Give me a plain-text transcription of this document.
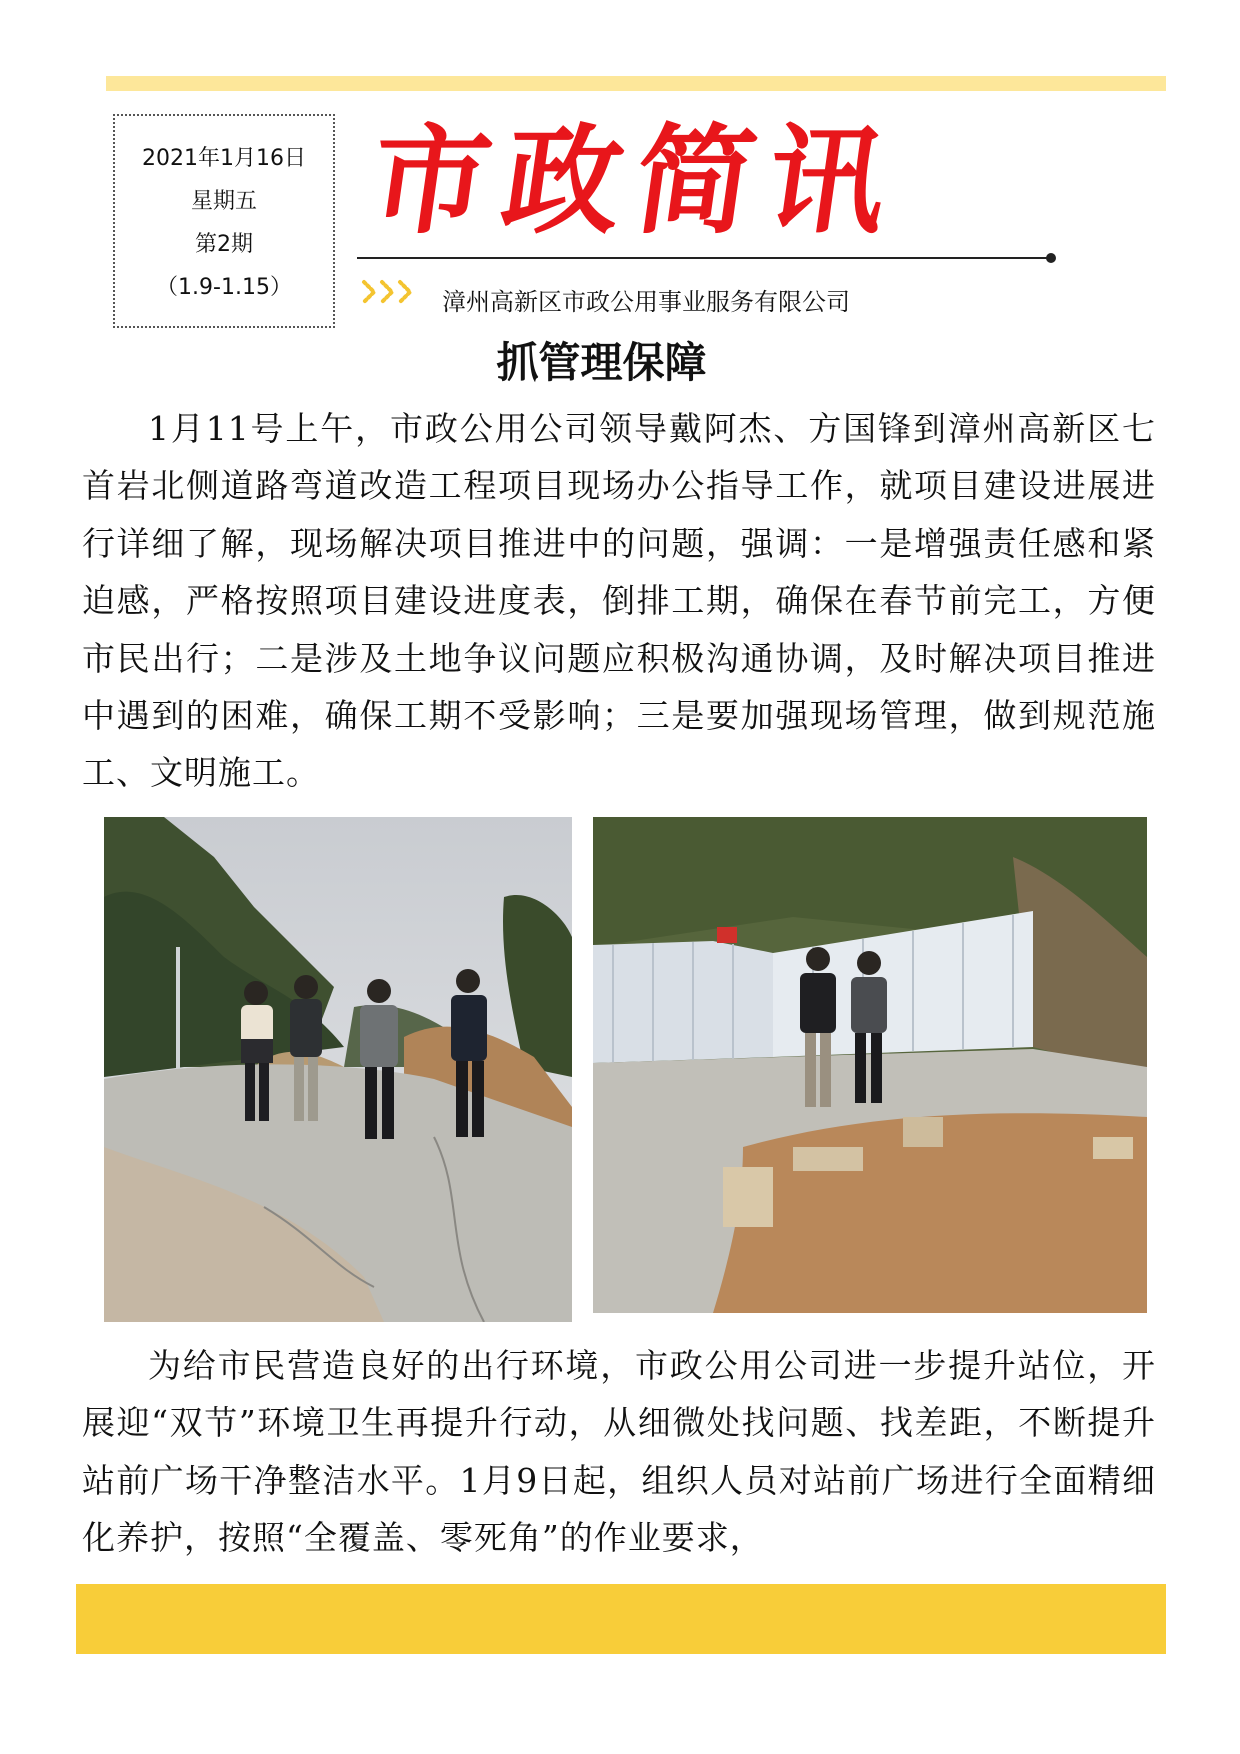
2021年1月16日
星期五
第2期
（1.9-1.15）
市政简讯
漳州高新区市政公用事业服务有限公司
抓管理保障

1月11号上午，市政公用公司领导戴阿杰、方国锋到漳州高新区七首岩北侧道路弯道改造工程项目现场办公指导工作，就项目建设进展进行详细了解，现场解决项目推进中的问题，强调：一是增强责任感和紧迫感，严格按照项目建设进度表，倒排工期，确保在春节前完工，方便市民出行；二是涉及土地争议问题应积极沟通协调，及时解决项目推进中遇到的困难，确保工期不受影响；三是要加强现场管理，做到规范施工、文明施工。

为给市民营造良好的出行环境，市政公用公司进一步提升站位，开展迎“双节”环境卫生再提升行动，从细微处找问题、找差距，不断提升站前广场干净整洁水平。1月9日起，组织人员对站前广场进行全面精细化养护，按照“全覆盖、零死角”的作业要求，
